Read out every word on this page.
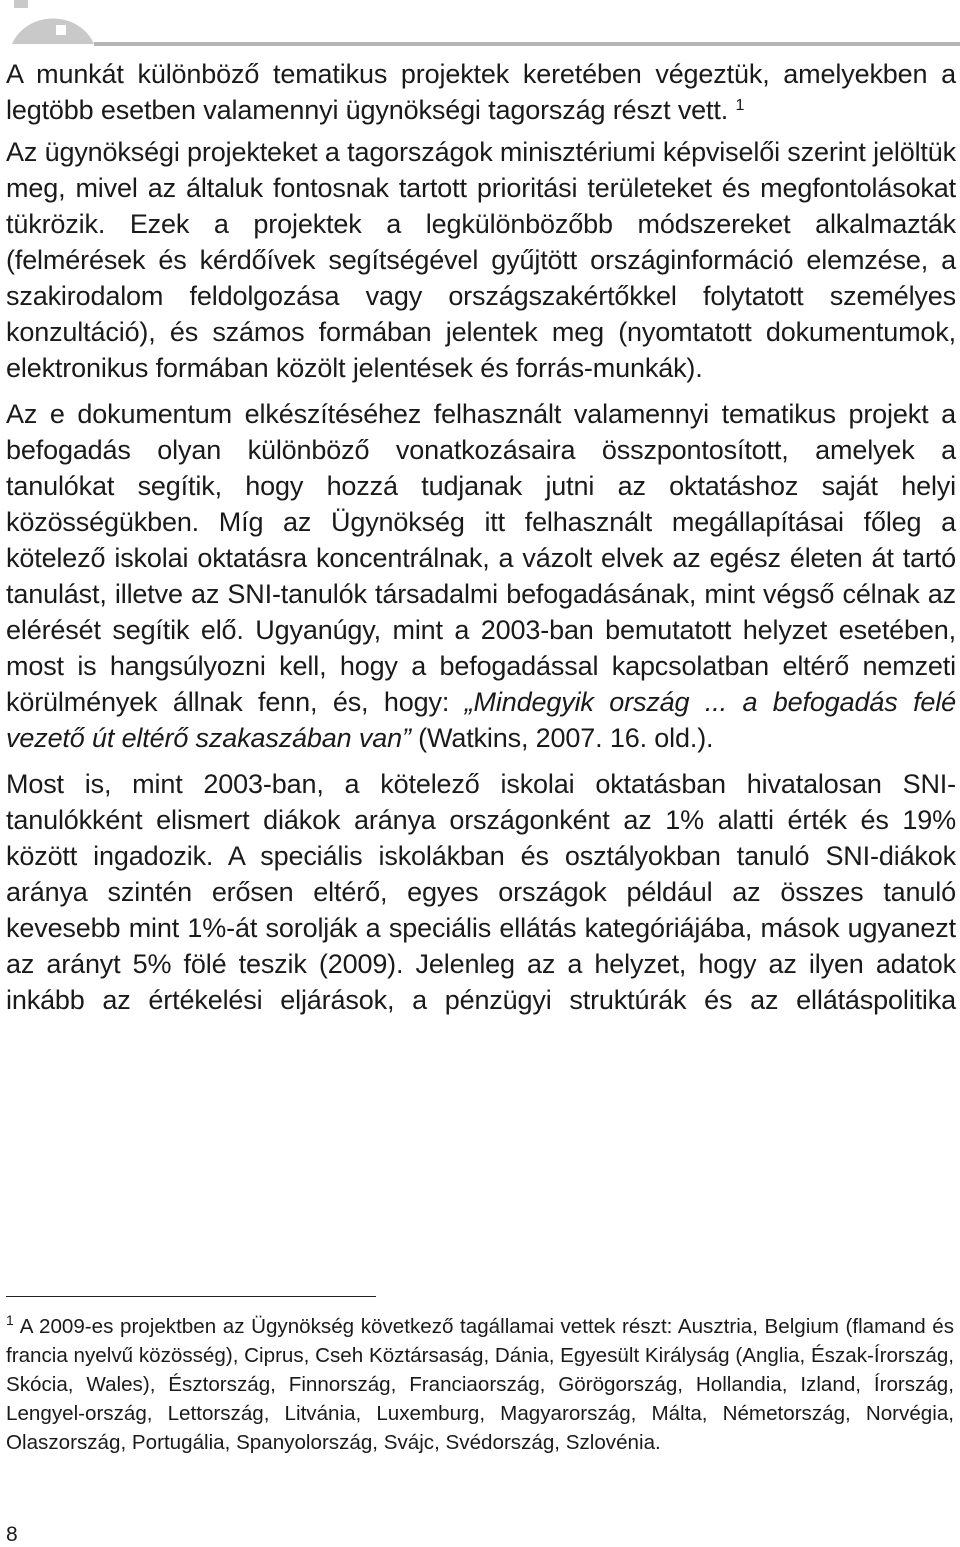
A munkát különböző tematikus projektek keretében végeztük, amelyekben a legtöbb esetben valamennyi ügynökségi tagország részt vett. $^1$

Az ügynökségi projekteket a tagországok minisztériumi képviselői szerint jelöltük meg, mivel az általuk fontosnak tartott prioritási területeket és megfontolásokat tükrözik. Ezek a projektek a legkülönbözőbb módszereket alkalmazták (felmérések és kérdőívek segítségével gyűjtött országinformáció elemzése, a szakirodalom feldolgozása vagy országszakértőkkel folytatott személyes konzultáció), és számos formában jelentek meg (nyomtatott dokumentumok, elektronikus formában közölt jelentések és forrás-munkák).

Az e dokumentum elkészítéséhez felhasznált valamennyi tematikus projekt a befogadás olyan különböző vonatkozásaira összpontosított, amelyek a tanulókat segítik, hogy hozzá tudjanak jutni az oktatáshoz saját helyi közösségükben. Míg az Ügynökség itt felhasznált megállapításai főleg a kötelező iskolai oktatásra koncentrálnak, a vázolt elvek az egész életen át tartó tanulást, illetve az SNI-tanulók társadalmi befogadásának, mint végső célnak az elérését segítik elő. Ugyanúgy, mint a 2003-ban bemutatott helyzet esetében, most is hangsúlyozni kell, hogy a befogadással kapcsolatban eltérő nemzeti körülmények állnak fenn, és, hogy: „Mindegyik ország ... a befogadás felé vezető út eltérő szakaszában van” (Watkins, 2007. 16. old.).

Most is, mint 2003-ban, a kötelező iskolai oktatásban hivatalosan SNI-tanulókként elismert diákok aránya országonként az 1% alatti érték és 19% között ingadozik. A speciális iskolákban és osztályokban tanuló SNI-diákok aránya szintén erősen eltérő, egyes országok például az összes tanuló kevesebb mint 1%-át sorolják a speciális ellátás kategóriájába, mások ugyanezt az arányt 5% fölé teszik (2009). Jelenleg az a helyzet, hogy az ilyen adatok inkább az értékelési eljárások, a pénzügyi struktúrák és az ellátáspolitika

$^1$ A 2009-es projektben az Ügynökség következő tagállamai vettek részt: Ausztria, Belgium (flamand és francia nyelvű közösség), Ciprus, Cseh Köztársaság, Dánia, Egyesült Királyság (Anglia, Észak-Írország, Skócia, Wales), Észtország, Finnország, Franciaország, Görögország, Hollandia, Izland, Írország, Lengyel-ország, Lettország, Litvánia, Luxemburg, Magyarország, Málta, Németország, Norvégia, Olaszország, Portugália, Spanyolország, Svájc, Svédország, Szlovénia.

8
